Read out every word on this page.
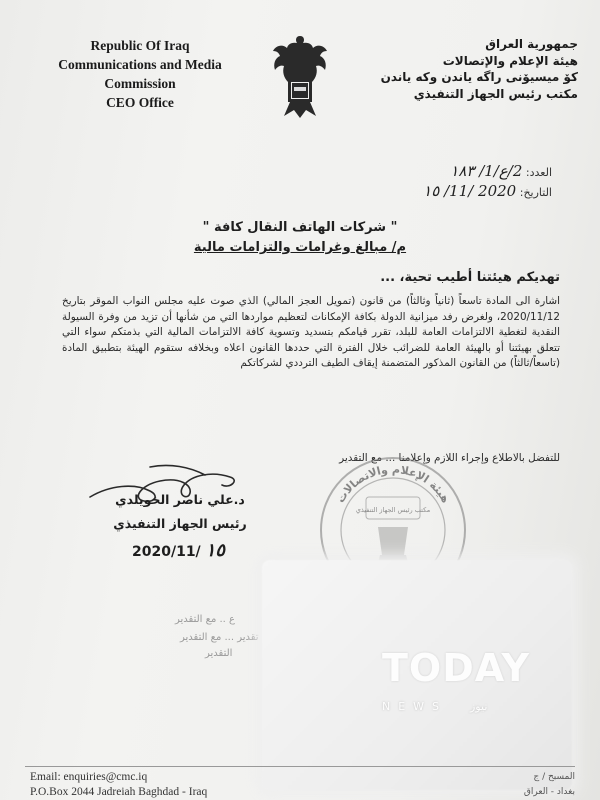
Republic Of Iraq
Communications and Media
Commission
CEO Office
جمهورية العراق
هيئة الإعلام والإتصالات
كۆ میسیۆنی راگه یاندن وكه یاندن
مكتب رئيس الجهاز التنفيذي
العدد: 2/ع/1/ ١٨٣
التاريخ: 2020 /11/ ١٥
" شركات الهاتف النقال كافة "
م/ مبالغ وغرامات والتزامات مالية
تهديكم هيئتنا أطيب تحية، ...
اشارة الى المادة تاسعاً (ثانياً وثالثاً) من قانون (تمويل العجز المالي) الذي صوت عليه مجلس النواب الموقر بتاريخ 2020/11/12، ولغرض رفد ميزانية الدولة بكافة الإمكانات لتعظيم مواردها التي من شأنها أن تزيد من وفرة السيولة النقدية لتغطية الالتزامات العامة للبلد، تقرر قيامكم بتسديد وتسوية كافة الالتزامات المالية التي بذمتكم سواء التي تتعلق بهيئتنا أو بالهيئة العامة للضرائب خلال الفترة التي حددها القانون اعلاه وبخلافه ستقوم الهيئة بتطبيق المادة (تاسعاً/ثالثاً) من القانون المذكور المتضمنة إيقاف الطيف الترددي لشركاتكم
للتفضل بالاطلاع وإجراء اللازم وإعلامنا ... مع التقدير
هيئة الإعلام والاتصالات
مكتب رئيس الجهاز التنفيذي
د.علي ناصر الخويلدي
رئيس الجهاز التنفيذي
2020/11/ ١٥
ع .. مع التقدير
تقدير ... مع التقدير
التقدير	TODAY
NEWS نيوز
Email: enquiries@cmc.iq
P.O.Box 2044 Jadreiah Baghdad - Iraq
المسبح / ج
بغداد - العراق
